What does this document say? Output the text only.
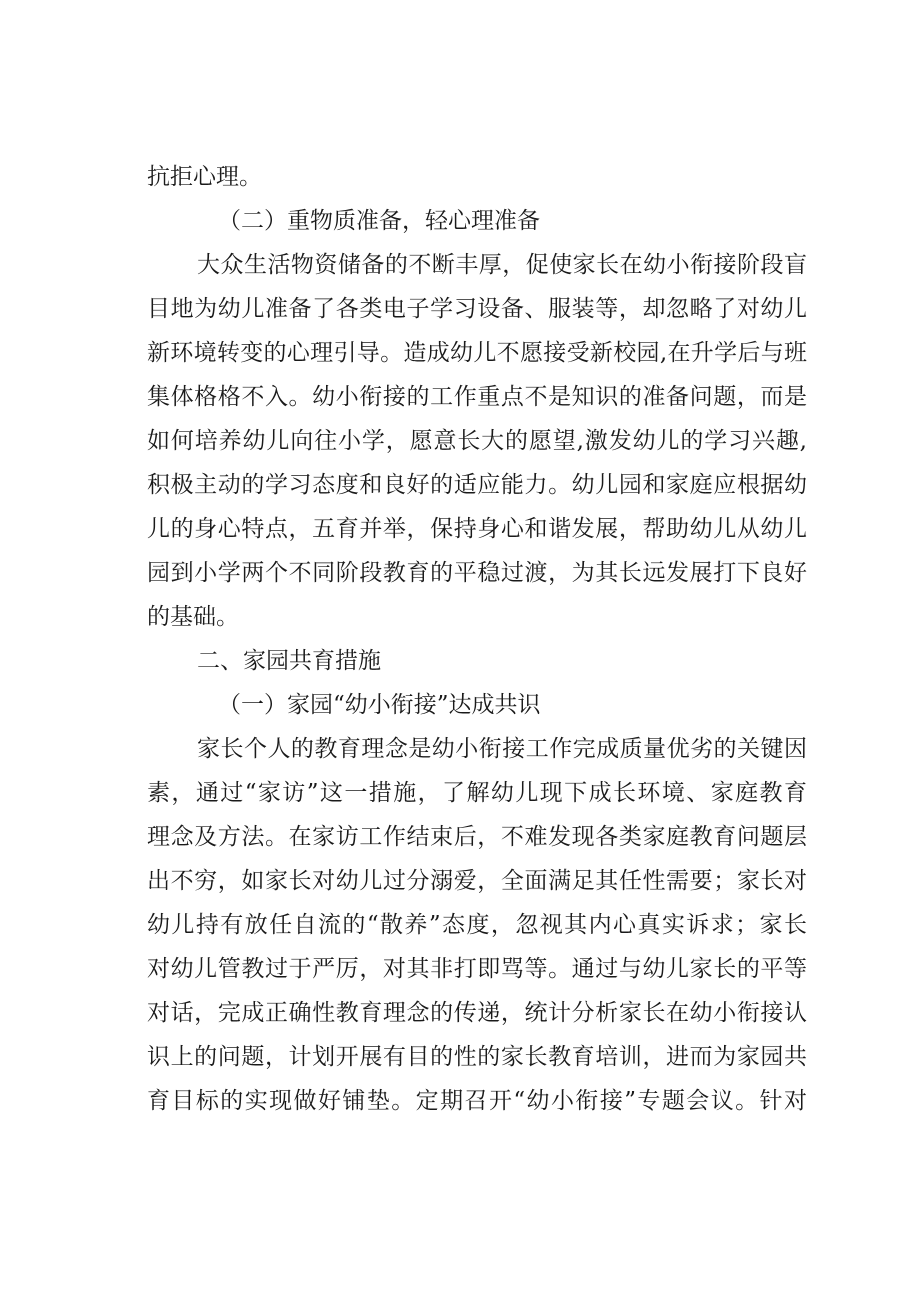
抗拒心理。
（二）重物质准备，轻心理准备
大众生活物资储备的不断丰厚，促使家长在幼小衔接阶段盲
目地为幼儿准备了各类电子学习设备、服装等，却忽略了对幼儿
新环境转变的心理引导。造成幼儿不愿接受新校园,在升学后与班
集体格格不入。幼小衔接的工作重点不是知识的准备问题，而是
如何培养幼儿向往小学，愿意长大的愿望,激发幼儿的学习兴趣,
积极主动的学习态度和良好的适应能力。幼儿园和家庭应根据幼
儿的身心特点，五育并举，保持身心和谐发展，帮助幼儿从幼儿
园到小学两个不同阶段教育的平稳过渡，为其长远发展打下良好
的基础。
二、家园共育措施
（一）家园“幼小衔接”达成共识
家长个人的教育理念是幼小衔接工作完成质量优劣的关键因
素，通过“家访”这一措施，了解幼儿现下成长环境、家庭教育
理念及方法。在家访工作结束后，不难发现各类家庭教育问题层
出不穷，如家长对幼儿过分溺爱，全面满足其任性需要；家长对
幼儿持有放任自流的“散养”态度，忽视其内心真实诉求；家长
对幼儿管教过于严厉，对其非打即骂等。通过与幼儿家长的平等
对话，完成正确性教育理念的传递，统计分析家长在幼小衔接认
识上的问题，计划开展有目的性的家长教育培训，进而为家园共
育目标的实现做好铺垫。定期召开“幼小衔接”专题会议。针对
